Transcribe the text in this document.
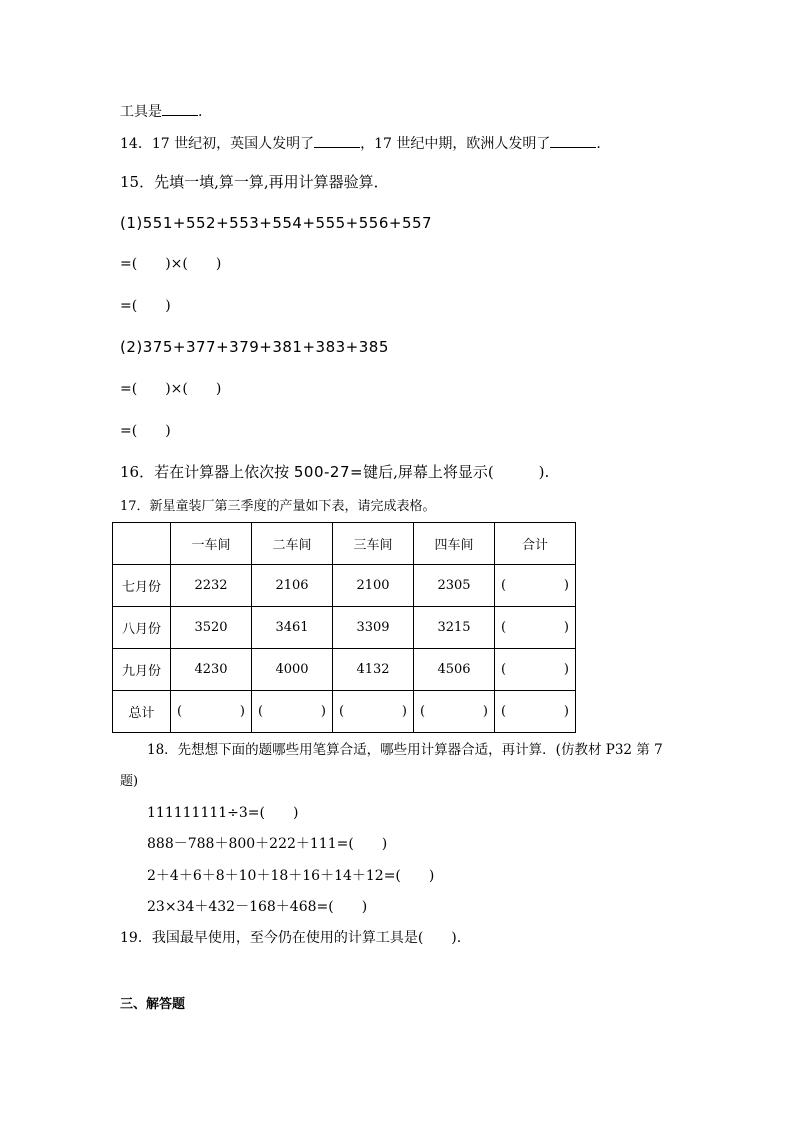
工具是	.
14．17 世纪初，英国人发明了	，17 世纪中期，欧洲人发明了	.
15．先填一填,算一算,再用计算器验算．
(1)551+552+553+554+555+556+557
=(　　)×(　　)
=(　　)
(2)375+377+379+381+383+385
=(　　)×(　　)
=(　　)
16．若在计算器上依次按 500-27=键后,屏幕上将显示(　　　).
17．新星童装厂第三季度的产量如下表，请完成表格。
	一车间	二车间	三车间	四车间	合计
七月份	2232	2106	2100	2305	( )

八月份	3520	3461	3309	3215	( )

九月份	4230	4000	4132	4506	( )

总计	( )	( )	( )	( )	( )
18．先想想下面的题哪些用笔算合适，哪些用计算器合适，再计算．(仿教材 P32 第 7
题)
111111111÷3=(　　)
888－788＋800＋222＋111=(　　)
2＋4＋6＋8＋10＋18＋16＋14＋12=(　　)
23×34＋432－168＋468=(　　)
19．我国最早使用，至今仍在使用的计算工具是(　　).
三、解答题
